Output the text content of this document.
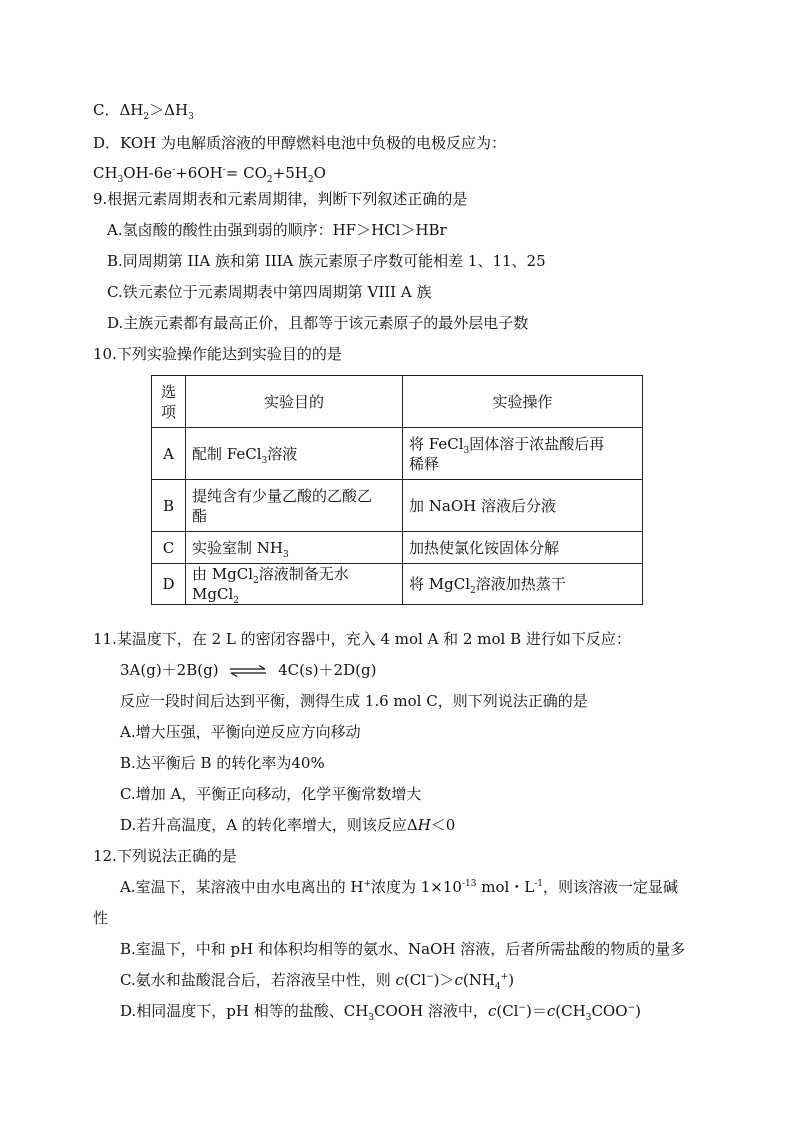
C．$\Delta H_2>\Delta H_3$
D．KOH 为电解质溶液的甲醇燃料电池中负极的电极反应为：
$CH_3OH-6e^-+6OH^-= CO_2+5H_2O$
9.根据元素周期表和元素周期律，判断下列叙述正确的是
A.氢卤酸的酸性由强到弱的顺序：HF＞HCl＞HBr
B.同周期第 IIA 族和第 IIIA 族元素原子序数可能相差 1、11、25
C.铁元素位于元素周期表中第四周期第 VIII A 族
D.主族元素都有最高正价，且都等于该元素原子的最外层电子数
10.下列实验操作能达到实验目的的是
选
项	实验目的	实验操作
A	配制 FeCl$_3$溶液	将 FeCl$_3$固体溶于浓盐酸后再
稀释
B	提纯含有少量乙酸的乙酸乙
酯	加 NaOH 溶液后分液
C	实验室制 $NH_3$	加热使氯化铵固体分解
D	由 MgCl$_2$溶液制备无水 MgCl$_2$	将 MgCl$_2$溶液加热蒸干
11.某温度下，在 2 L 的密闭容器中，充入 4 mol A 和 2 mol B 进行如下反应：
3A(g)＋2B(g) ⇌ 4C(s)＋2D(g)
反应一段时间后达到平衡，测得生成 1.6 mol C，则下列说法正确的是
A.增大压强，平衡向逆反应方向移动
B.达平衡后 B 的转化率为40%
C.增加 A，平衡正向移动，化学平衡常数增大
D.若升高温度，A 的转化率增大，则该反应ΔH＜0
12.下列说法正确的是
A.室温下，某溶液中由水电离出的 H+浓度为 $1\times 10^{-13}$ mol・$L^{-1}$，则该溶液一定显碱
性
B.室温下，中和 pH 和体积均相等的氨水、NaOH 溶液，后者所需盐酸的物质的量多
C.氨水和盐酸混合后，若溶液呈中性，则 $c(Cl^-)>c(NH_4^+)$
D.相同温度下，pH 相等的盐酸、$CH_3COOH$ 溶液中，$c(Cl^-)=c(CH_3COO^-)$
